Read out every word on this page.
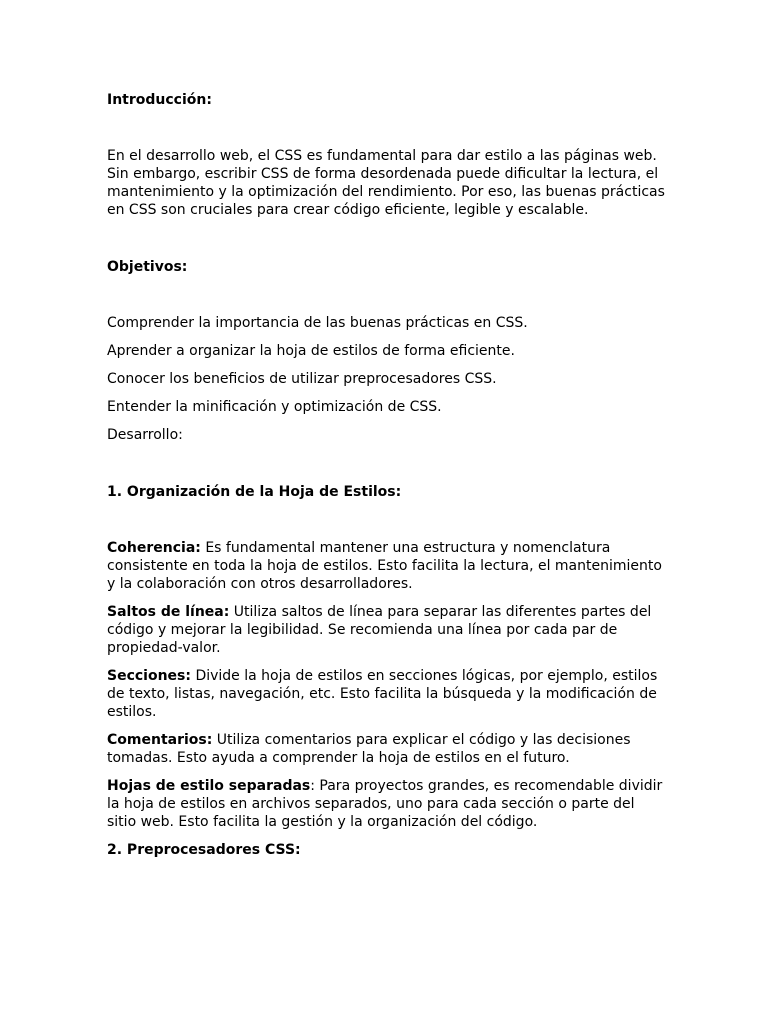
Introducción:

En el desarrollo web, el CSS es fundamental para dar estilo a las páginas web. Sin embargo, escribir CSS de forma desordenada puede dificultar la lectura, el mantenimiento y la optimización del rendimiento. Por eso, las buenas prácticas en CSS son cruciales para crear código eficiente, legible y escalable.

Objetivos:

Comprender la importancia de las buenas prácticas en CSS.

Aprender a organizar la hoja de estilos de forma eficiente.

Conocer los beneficios de utilizar preprocesadores CSS.

Entender la minificación y optimización de CSS.

Desarrollo:

1. Organización de la Hoja de Estilos:

Coherencia: Es fundamental mantener una estructura y nomenclatura consistente en toda la hoja de estilos. Esto facilita la lectura, el mantenimiento y la colaboración con otros desarrolladores.

Saltos de línea: Utiliza saltos de línea para separar las diferentes partes del código y mejorar la legibilidad. Se recomienda una línea por cada par de propiedad-valor.

Secciones: Divide la hoja de estilos en secciones lógicas, por ejemplo, estilos de texto, listas, navegación, etc. Esto facilita la búsqueda y la modificación de estilos.

Comentarios: Utiliza comentarios para explicar el código y las decisiones tomadas. Esto ayuda a comprender la hoja de estilos en el futuro.

Hojas de estilo separadas: Para proyectos grandes, es recomendable dividir la hoja de estilos en archivos separados, uno para cada sección o parte del sitio web. Esto facilita la gestión y la organización del código.

2. Preprocesadores CSS:
